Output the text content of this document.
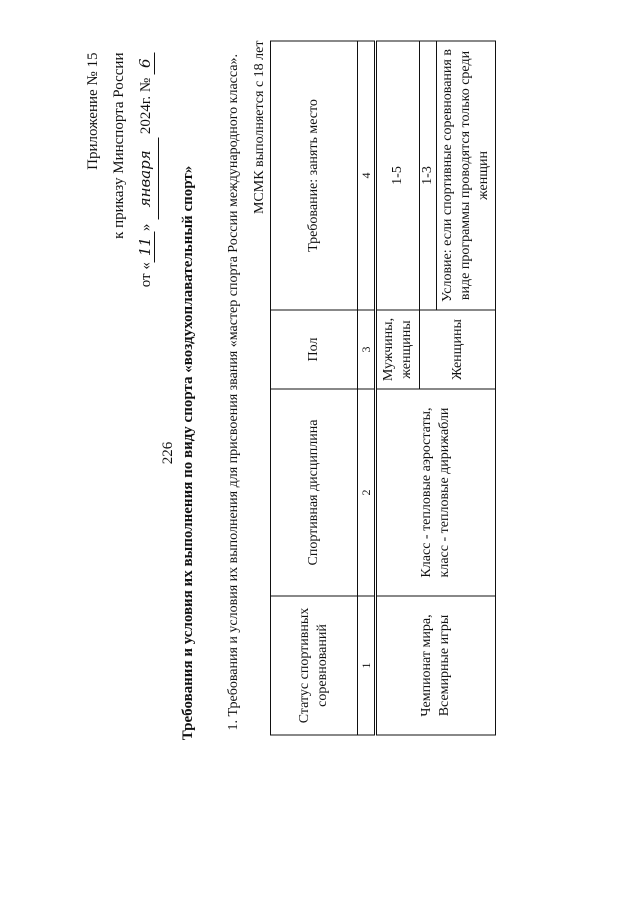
226
Приложение № 15 к приказу Минспорта России
от «11» января 2024г. № 6
Требования и условия их выполнения по виду спорта «воздухоплавательный спорт» 1. Требования и условия их выполнения для присвоения звания «мастер спорта России международного класса». МСМК выполняется с 18 лет
Статус спортивных соревнований	Спортивная дисциплина	Пол	Требование: занять место
1	2	3	4
Чемпионат мира, Всемирные игры	Класс - тепловые аэростаты, класс - тепловые дирижабли	Мужчины, женщины	1-5
		Женщины	1-3
			Условие: если спортивные соревнования в виде программы проводятся только среди женщин
